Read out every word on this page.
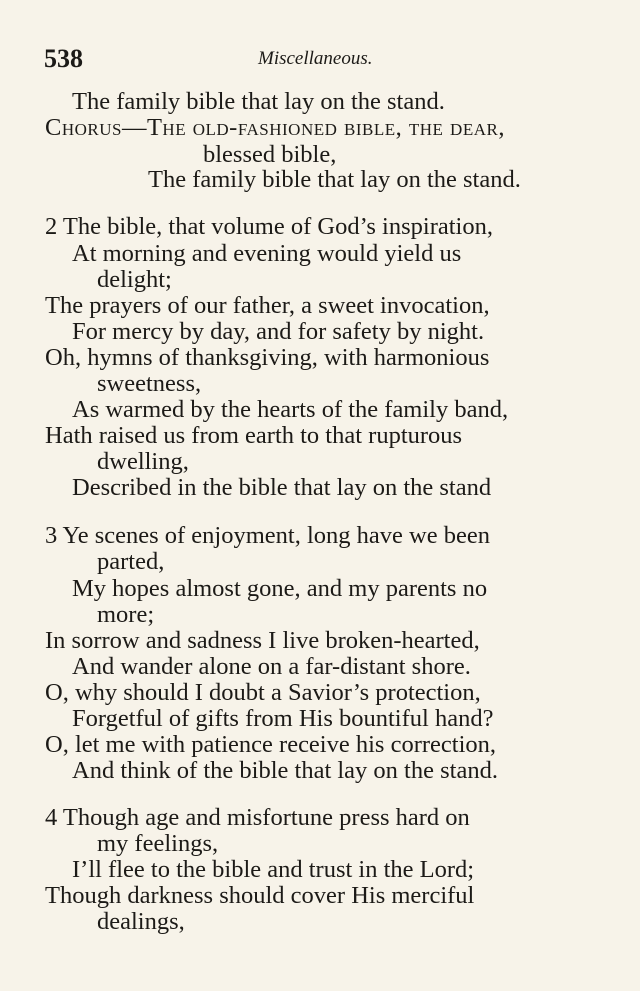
538	Miscellaneous.
The family bible that lay on the stand.
Chorus—The old-fashioned bible, the dear,
blessed bible,
The family bible that lay on the stand.
2 The bible, that volume of God’s inspiration,
At morning and evening would yield us
delight;
The prayers of our father, a sweet invocation,
For mercy by day, and for safety by night.
Oh, hymns of thanksgiving, with harmonious
sweetness,
As warmed by the hearts of the family band,
Hath raised us from earth to that rupturous
dwelling,
Described in the bible that lay on the stand
3 Ye scenes of enjoyment, long have we been
parted,
My hopes almost gone, and my parents no
more;
In sorrow and sadness I live broken-hearted,
And wander alone on a far-distant shore.
O, why should I doubt a Savior’s protection,
Forgetful of gifts from His bountiful hand?
O, let me with patience receive his correction,
And think of the bible that lay on the stand.
4 Though age and misfortune press hard on
my feelings,
I’ll flee to the bible and trust in the Lord;
Though darkness should cover His merciful
dealings,
